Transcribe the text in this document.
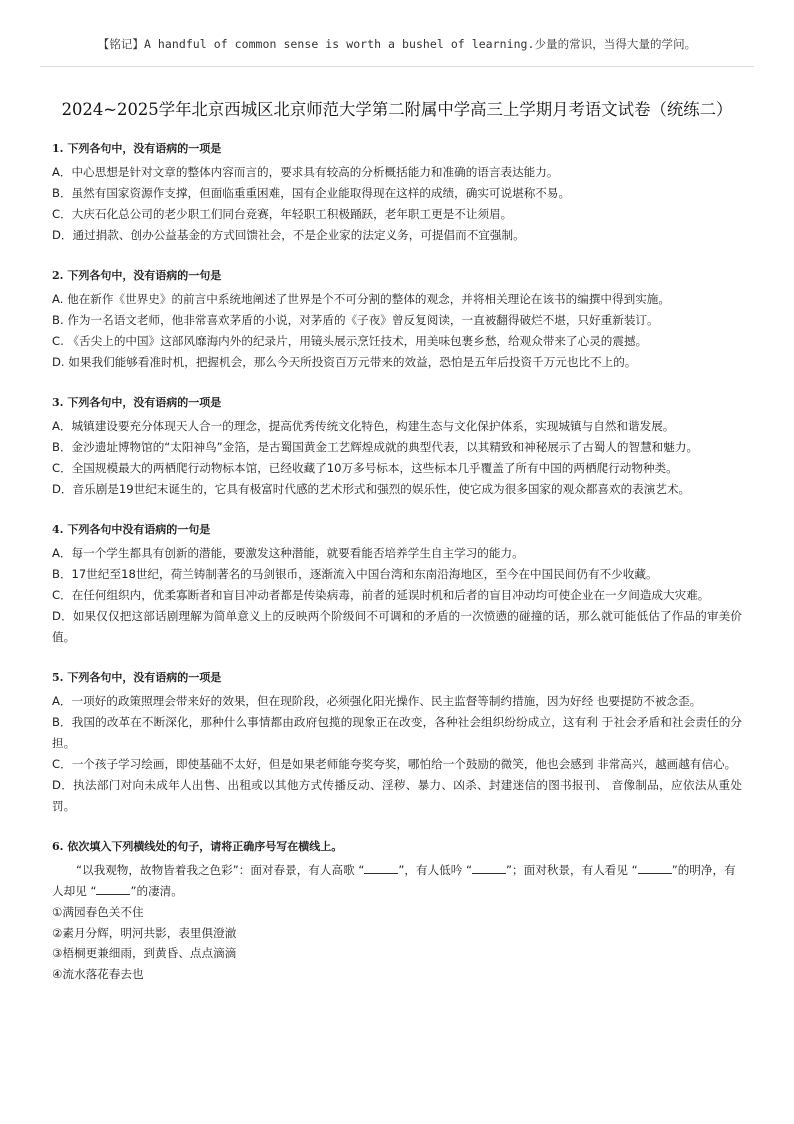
【铭记】A handful of common sense is worth a bushel of learning.少量的常识，当得大量的学问。
2024~2025学年北京西城区北京师范大学第二附属中学高三上学期月考语文试卷（统练二）
1. 下列各句中，没有语病的一项是
A．中心思想是针对文章的整体内容而言的，要求具有较高的分析概括能力和准确的语言表达能力。
B．虽然有国家资源作支撑，但面临重重困难，国有企业能取得现在这样的成绩，确实可说堪称不易。
C．大庆石化总公司的老少职工们同台竞赛，年轻职工积极踊跃，老年职工更是不让须眉。
D．通过捐款、创办公益基金的方式回馈社会，不是企业家的法定义务，可提倡而不宜强制。
2. 下列各句中，没有语病的一句是
A. 他在新作《世界史》的前言中系统地阐述了世界是个不可分割的整体的观念，并将相关理论在该书的编撰中得到实施。
B. 作为一名语文老师，他非常喜欢茅盾的小说，对茅盾的《子夜》曾反复阅读，一直被翻得破烂不堪，只好重新装订。
C. 《舌尖上的中国》这部风靡海内外的纪录片，用镜头展示烹饪技术，用美味包裹乡愁，给观众带来了心灵的震撼。
D. 如果我们能够看准时机，把握机会，那么今天所投资百万元带来的效益，恐怕是五年后投资千万元也比不上的。
3. 下列各句中，没有语病的一项是
A．城镇建设要充分体现天人合一的理念，提高优秀传统文化特色，构建生态与文化保护体系，实现城镇与自然和谐发展。
B．金沙遗址博物馆的“太阳神鸟”金箔，是古蜀国黄金工艺辉煌成就的典型代表，以其精致和神秘展示了古蜀人的智慧和魅力。
C．全国规模最大的两栖爬行动物标本馆，已经收藏了10万多号标本，这些标本几乎覆盖了所有中国的两栖爬行动物种类。
D．音乐剧是19世纪末诞生的，它具有极富时代感的艺术形式和强烈的娱乐性，使它成为很多国家的观众都喜欢的表演艺术。
4. 下列各句中没有语病的一句是
A．每一个学生都具有创新的潜能，要激发这种潜能，就要看能否培养学生自主学习的能力。
B．17世纪至18世纪，荷兰铸制著名的马剑银币，逐渐流入中国台湾和东南沿海地区，至今在中国民间仍有不少收藏。
C．在任何组织内，优柔寡断者和盲目冲动者都是传染病毒，前者的延误时机和后者的盲目冲动均可使企业在一夕间造成大灾难。
D．如果仅仅把这部话剧理解为简单意义上的反映两个阶级间不可调和的矛盾的一次愤懑的碰撞的话，那么就可能低估了作品的审美价值。
5. 下列各句中，没有语病的一项是
A．一项好的政策照理会带来好的效果，但在现阶段，必须强化阳光操作、民主监督等制约措施，因为好经 也要提防不被念歪。
B．我国的改革在不断深化，那种什么事情都由政府包揽的现象正在改变，各种社会组织纷纷成立，这有利 于社会矛盾和社会责任的分担。
C．一个孩子学习绘画，即使基础不太好，但是如果老师能夸奖夸奖，哪怕给一个鼓励的微笑，他也会感到 非常高兴，越画越有信心。
D．执法部门对向未成年人出售、出租或以其他方式传播反动、淫秽、暴力、凶杀、封建迷信的图书报刊、 音像制品，应依法从重处罚。
6. 依次填入下列横线处的句子，请将正确序号写在横线上。
“以我观物，故物皆着我之色彩”：面对春景，有人高歌 “	”，有人低吟 “	”；面对秋景，有人看见 “	”的明净，有人却见 “	”的凄清。
①满园春色关不住
②素月分辉，明河共影，表里俱澄澈
③梧桐更兼细雨，到黄昏、点点滴滴
④流水落花春去也
